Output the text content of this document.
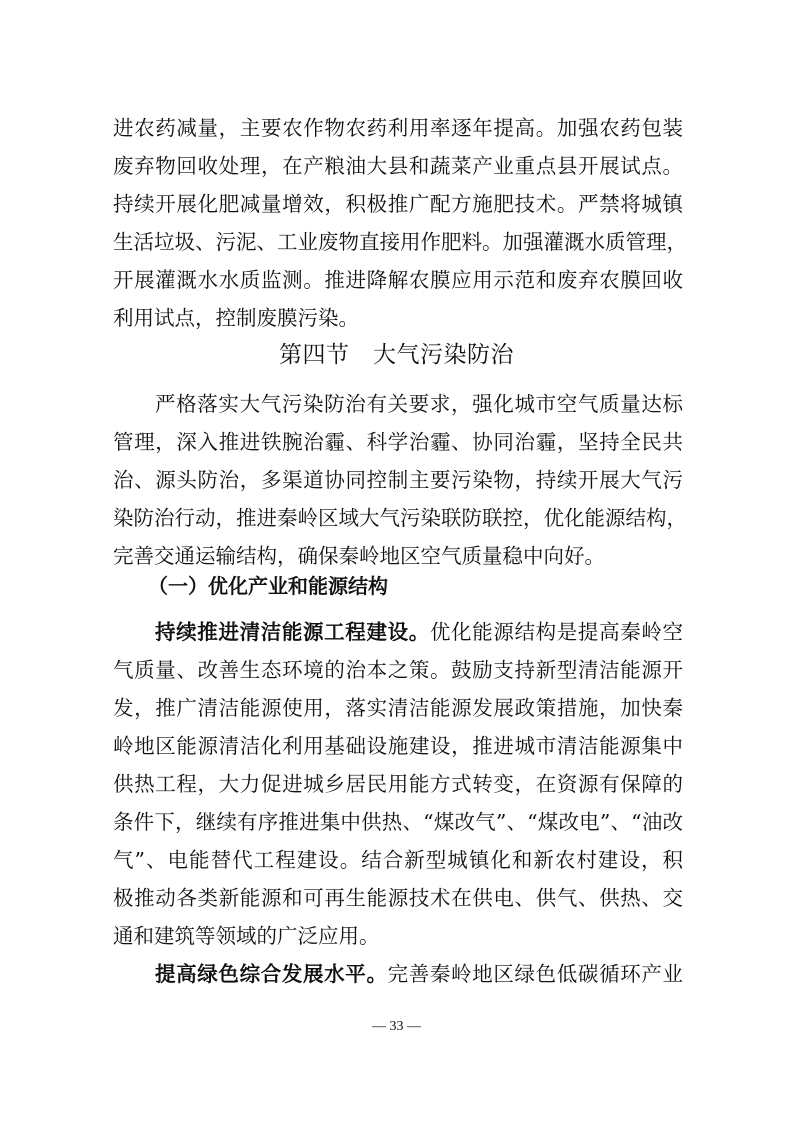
进农药减量，主要农作物农药利用率逐年提高。加强农药包装
废弃物回收处理，在产粮油大县和蔬菜产业重点县开展试点。
持续开展化肥减量增效，积极推广配方施肥技术。严禁将城镇
生活垃圾、污泥、工业废物直接用作肥料。加强灌溉水质管理，
开展灌溉水水质监测。推进降解农膜应用示范和废弃农膜回收
利用试点，控制废膜污染。
第四节　大气污染防治
严格落实大气污染防治有关要求，强化城市空气质量达标
管理，深入推进铁腕治霾、科学治霾、协同治霾，坚持全民共
治、源头防治，多渠道协同控制主要污染物，持续开展大气污
染防治行动，推进秦岭区域大气污染联防联控，优化能源结构，
完善交通运输结构，确保秦岭地区空气质量稳中向好。
（一）优化产业和能源结构
持续推进清洁能源工程建设。优化能源结构是提高秦岭空
气质量、改善生态环境的治本之策。鼓励支持新型清洁能源开
发，推广清洁能源使用，落实清洁能源发展政策措施，加快秦
岭地区能源清洁化利用基础设施建设，推进城市清洁能源集中
供热工程，大力促进城乡居民用能方式转变，在资源有保障的
条件下，继续有序推进集中供热、“煤改气”、“煤改电”、“油改
气”、电能替代工程建设。结合新型城镇化和新农村建设，积
极推动各类新能源和可再生能源技术在供电、供气、供热、交
通和建筑等领域的广泛应用。
提高绿色综合发展水平。完善秦岭地区绿色低碳循环产业
— 33 —
